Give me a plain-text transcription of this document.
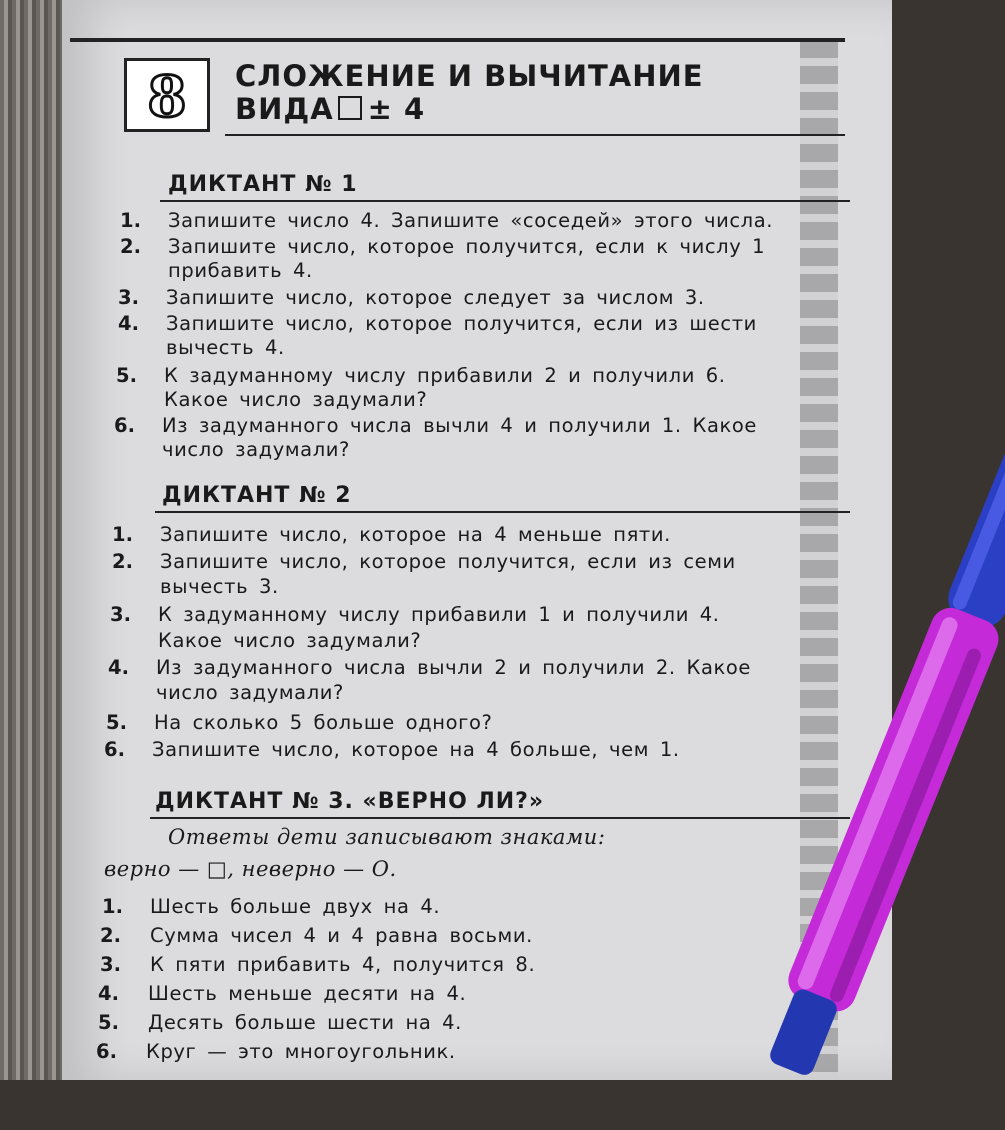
8 СЛОЖЕНИЕ И ВЫЧИТАНИЕ
ВИДА ± 4
ДИКТАНТ № 1
1. Запишите число 4. Запишите «соседей» этого числа.
2. Запишите число, которое получится, если к числу 1
прибавить 4.
3. Запишите число, которое следует за числом 3.
4. Запишите число, которое получится, если из шести
вычесть 4.
5. К задуманному числу прибавили 2 и получили 6.
Какое число задумали?
6. Из задуманного числа вычли 4 и получили 1. Какое
число задумали?
ДИКТАНТ № 2
1. Запишите число, которое на 4 меньше пяти.
2. Запишите число, которое получится, если из семи
вычесть 3.
3. К задуманному числу прибавили 1 и получили 4.
Какое число задумали?
4. Из задуманного числа вычли 2 и получили 2. Какое
число задумали?
5. На сколько 5 больше одного?
6. Запишите число, которое на 4 больше, чем 1.
ДИКТАНТ № 3. «ВЕРНО ЛИ?»
Ответы дети записывают знаками:
верно — □, неверно — О.
1. Шесть больше двух на 4.
2. Сумма чисел 4 и 4 равна восьми.
3. К пяти прибавить 4, получится 8.
4. Шесть меньше десяти на 4.
5. Десять больше шести на 4.
6. Круг — это многоугольник.
